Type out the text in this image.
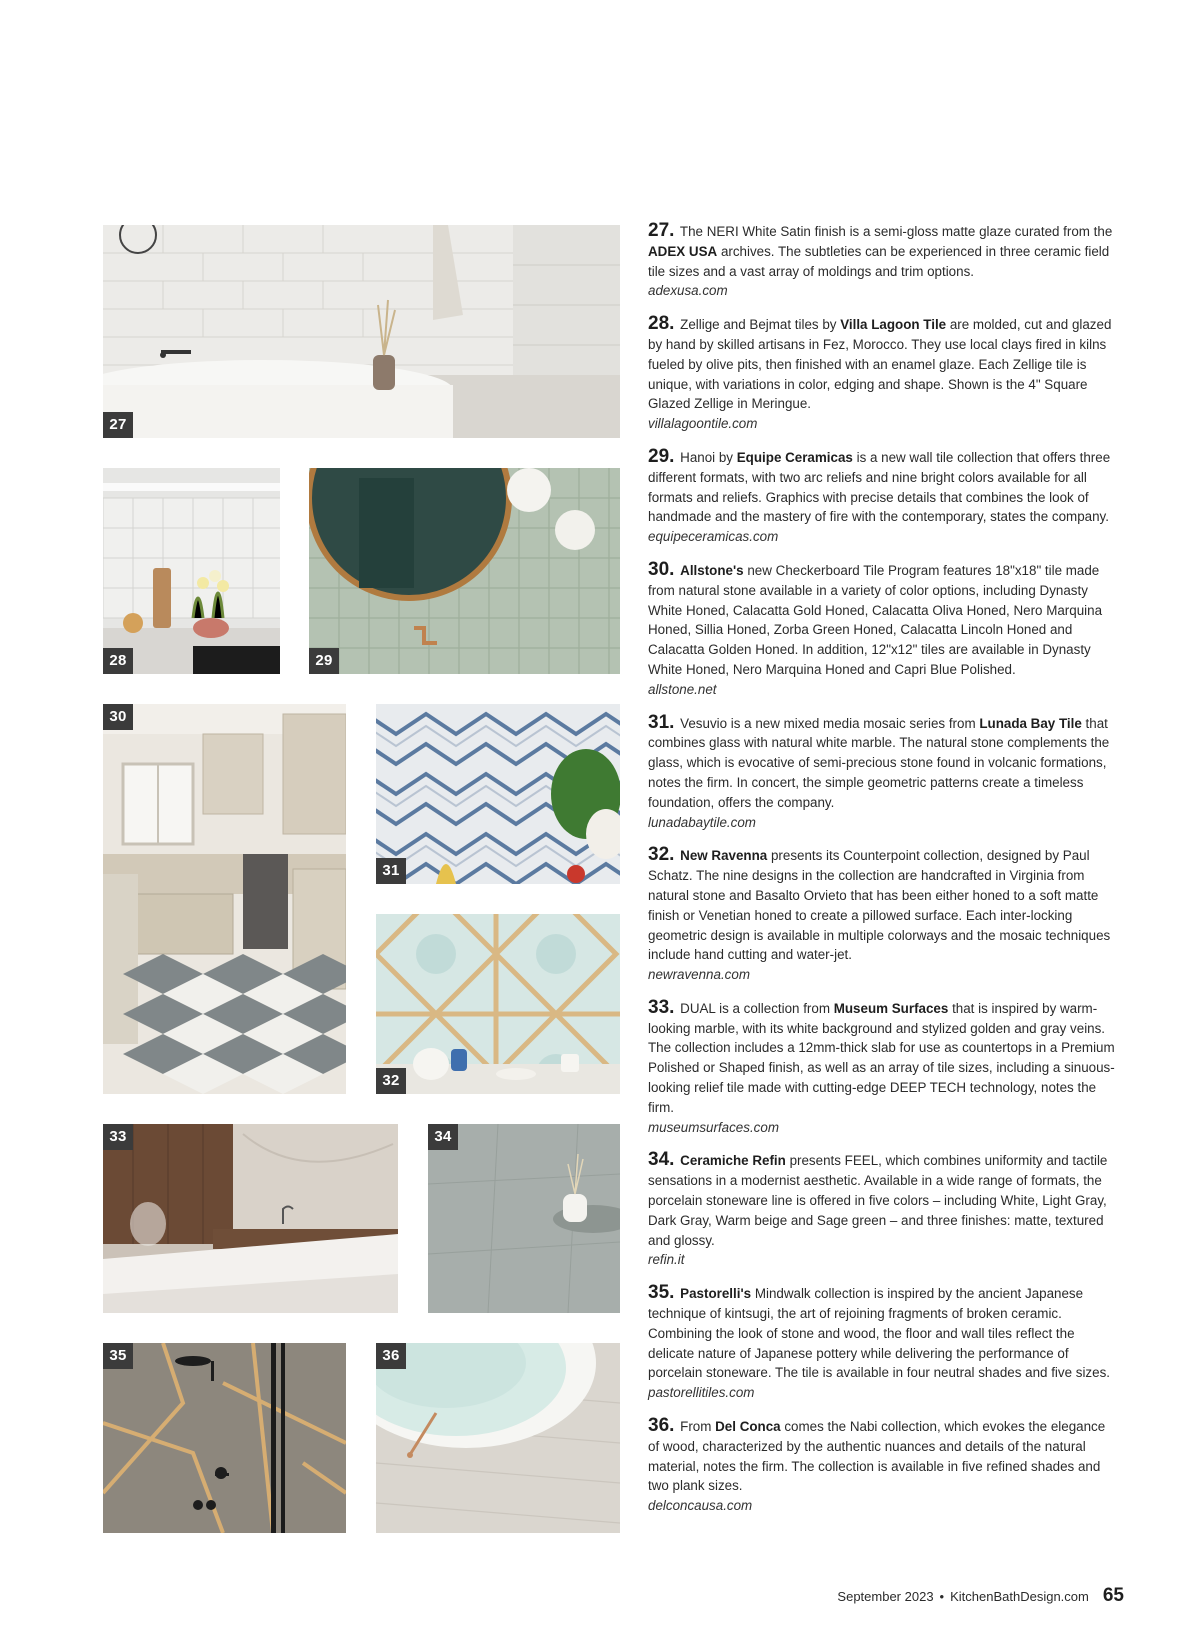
27
28	29
30
31
32
33	34
35	36
27. The NERI White Satin finish is a semi-gloss matte glaze curated from the ADEX USA archives. The subtleties can be experienced in three ceramic field tile sizes and a vast array of moldings and trim options.
adexusa.com
28. Zellige and Bejmat tiles by Villa Lagoon Tile are molded, cut and glazed by hand by skilled artisans in Fez, Morocco. They use local clays fired in kilns fueled by olive pits, then finished with an enamel glaze. Each Zellige tile is unique, with variations in color, edging and shape. Shown is the 4" Square Glazed Zellige in Meringue.
villalagoontile.com
29. Hanoi by Equipe Ceramicas is a new wall tile collection that offers three different formats, with two arc reliefs and nine bright colors available for all formats and reliefs. Graphics with precise details that combines the look of handmade and the mastery of fire with the contemporary, states the company.
equipeceramicas.com
30. Allstone's new Checkerboard Tile Program features 18"x18" tile made from natural stone available in a variety of color options, including Dynasty White Honed, Calacatta Gold Honed, Calacatta Oliva Honed, Nero Marquina Honed, Sillia Honed, Zorba Green Honed, Calacatta Lincoln Honed and Calacatta Golden Honed. In addition, 12"x12" tiles are available in Dynasty White Honed, Nero Marquina Honed and Capri Blue Polished.
allstone.net
31. Vesuvio is a new mixed media mosaic series from Lunada Bay Tile that combines glass with natural white marble. The natural stone complements the glass, which is evocative of semi-precious stone found in volcanic formations, notes the firm. In concert, the simple geometric patterns create a timeless foundation, offers the company.
lunadabaytile.com
32. New Ravenna presents its Counterpoint collection, designed by Paul Schatz. The nine designs in the collection are handcrafted in Virginia from natural stone and Basalto Orvieto that has been either honed to a soft matte finish or Venetian honed to create a pillowed surface. Each inter-locking geometric design is available in multiple colorways and the mosaic techniques include hand cutting and water-jet.
newravenna.com
33. DUAL is a collection from Museum Surfaces that is inspired by warm-looking marble, with its white background and stylized golden and gray veins. The collection includes a 12mm-thick slab for use as countertops in a Premium Polished or Shaped finish, as well as an array of tile sizes, including a sinuous-looking relief tile made with cutting-edge DEEP TECH technology, notes the firm.
museumsurfaces.com
34. Ceramiche Refin presents FEEL, which combines uniformity and tactile sensations in a modernist aesthetic. Available in a wide range of formats, the porcelain stoneware line is offered in five colors – including White, Light Gray, Dark Gray, Warm beige and Sage green – and three finishes: matte, textured and glossy.
refin.it
35. Pastorelli's Mindwalk collection is inspired by the ancient Japanese technique of kintsugi, the art of rejoining fragments of broken ceramic. Combining the look of stone and wood, the floor and wall tiles reflect the delicate nature of Japanese pottery while delivering the performance of porcelain stoneware. The tile is available in four neutral shades and five sizes.
pastorellitiles.com
36. From Del Conca comes the Nabi collection, which evokes the elegance of wood, characterized by the authentic nuances and details of the natural material, notes the firm. The collection is available in five refined shades and two plank sizes.
delconcausa.com
September 2023 • KitchenBathDesign.com 65
